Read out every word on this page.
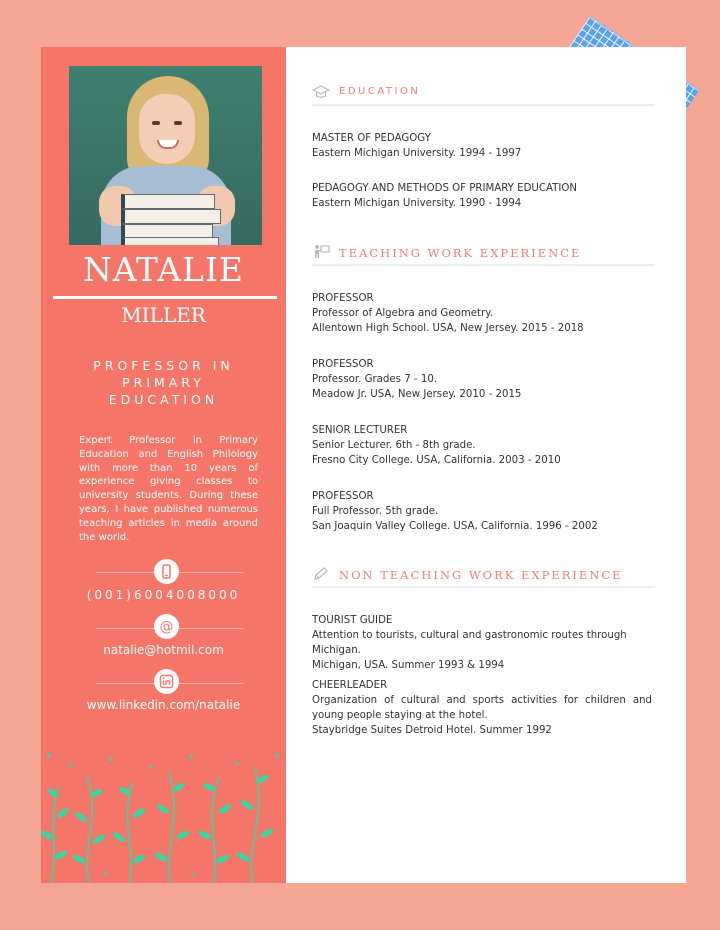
NATALIE
MILLER
PROFESSOR IN PRIMARY EDUCATION
Expert Professor in Primary Education and English Philology with more than 10 years of experience giving classes to university students. During these years, I have published numerous teaching articles in media around the world.
(001)6004008000
@
natalie@hotmil.com
www.linkedin.com/natalie
EDUCATION
MASTER OF PEDAGOGY
Eastern Michigan University. 1994 - 1997
PEDAGOGY AND METHODS OF PRIMARY EDUCATION
Eastern Michigan University. 1990 - 1994
TEACHING WORK EXPERIENCE
PROFESSOR
Professor of Algebra and Geometry.
Allentown High School. USA, New Jersey. 2015 - 2018
PROFESSOR
Professor. Grades 7 - 10.
Meadow Jr. USA, New Jersey. 2010 - 2015
SENIOR LECTURER
Senior Lecturer. 6th - 8th grade.
Fresno City College. USA, California. 2003 - 2010
PROFESSOR
Full Professor. 5th grade.
San Joaquin Valley College. USA, California. 1996 - 2002
NON TEACHING WORK EXPERIENCE
TOURIST GUIDE
Attention to tourists, cultural and gastronomic routes through Michigan.
Michigan, USA. Summer 1993 & 1994
CHEERLEADER
Organization of cultural and sports activities for children and young people staying at the hotel.
Staybridge Suites Detroid Hotel. Summer 1992
